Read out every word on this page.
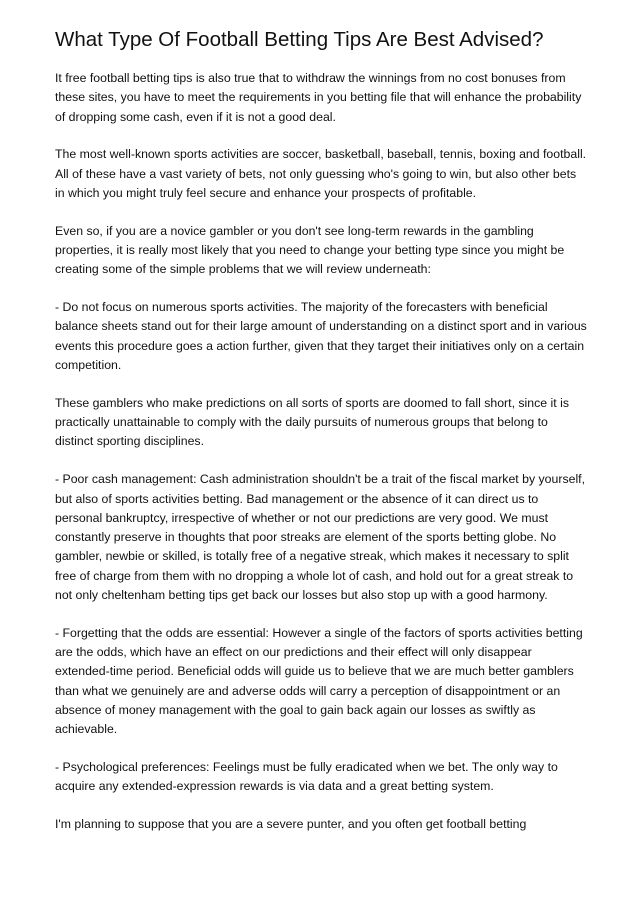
What Type Of Football Betting Tips Are Best Advised?

It free football betting tips is also true that to withdraw the winnings from no cost bonuses from these sites, you have to meet the requirements in you betting file that will enhance the probability of dropping some cash, even if it is not a good deal.

The most well-known sports activities are soccer, basketball, baseball, tennis, boxing and football. All of these have a vast variety of bets, not only guessing who's going to win, but also other bets in which you might truly feel secure and enhance your prospects of profitable.

Even so, if you are a novice gambler or you don't see long-term rewards in the gambling properties, it is really most likely that you need to change your betting type since you might be creating some of the simple problems that we will review underneath:

- Do not focus on numerous sports activities. The majority of the forecasters with beneficial balance sheets stand out for their large amount of understanding on a distinct sport and in various events this procedure goes a action further, given that they target their initiatives only on a certain competition.

These gamblers who make predictions on all sorts of sports are doomed to fall short, since it is practically unattainable to comply with the daily pursuits of numerous groups that belong to distinct sporting disciplines.

- Poor cash management: Cash administration shouldn't be a trait of the fiscal market by yourself, but also of sports activities betting. Bad management or the absence of it can direct us to personal bankruptcy, irrespective of whether or not our predictions are very good. We must constantly preserve in thoughts that poor streaks are element of the sports betting globe. No gambler, newbie or skilled, is totally free of a negative streak, which makes it necessary to split free of charge from them with no dropping a whole lot of cash, and hold out for a great streak to not only cheltenham betting tips get back our losses but also stop up with a good harmony.

- Forgetting that the odds are essential: However a single of the factors of sports activities betting are the odds, which have an effect on our predictions and their effect will only disappear extended-time period. Beneficial odds will guide us to believe that we are much better gamblers than what we genuinely are and adverse odds will carry a perception of disappointment or an absence of money management with the goal to gain back again our losses as swiftly as achievable.

- Psychological preferences: Feelings must be fully eradicated when we bet. The only way to acquire any extended-expression rewards is via data and a great betting system.

I'm planning to suppose that you are a severe punter, and you often get football betting
